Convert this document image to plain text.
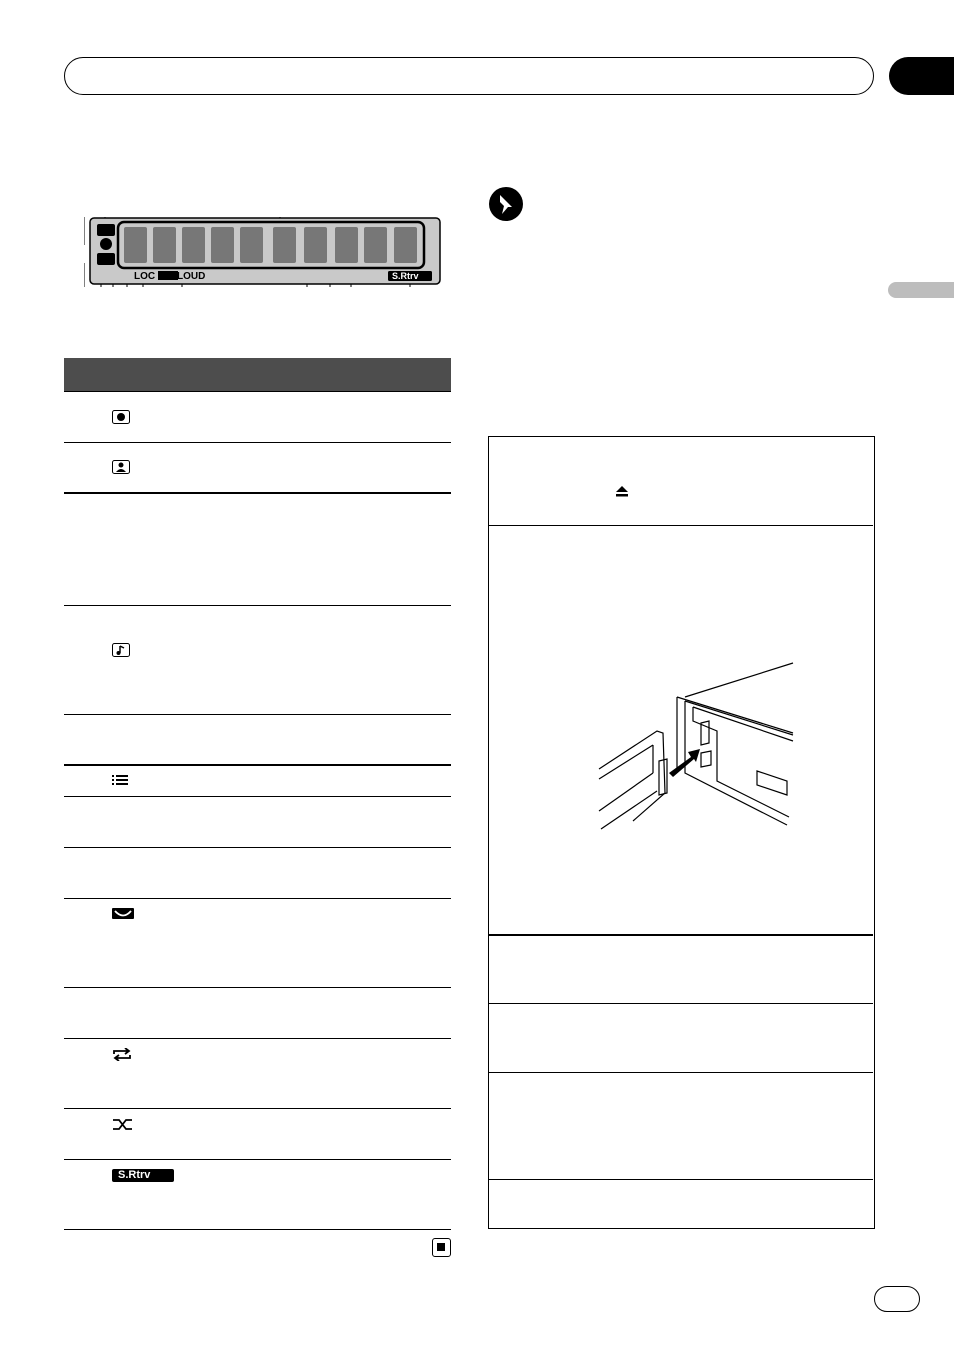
LOC LOUD	S.Rtrv
S.Rtrv
